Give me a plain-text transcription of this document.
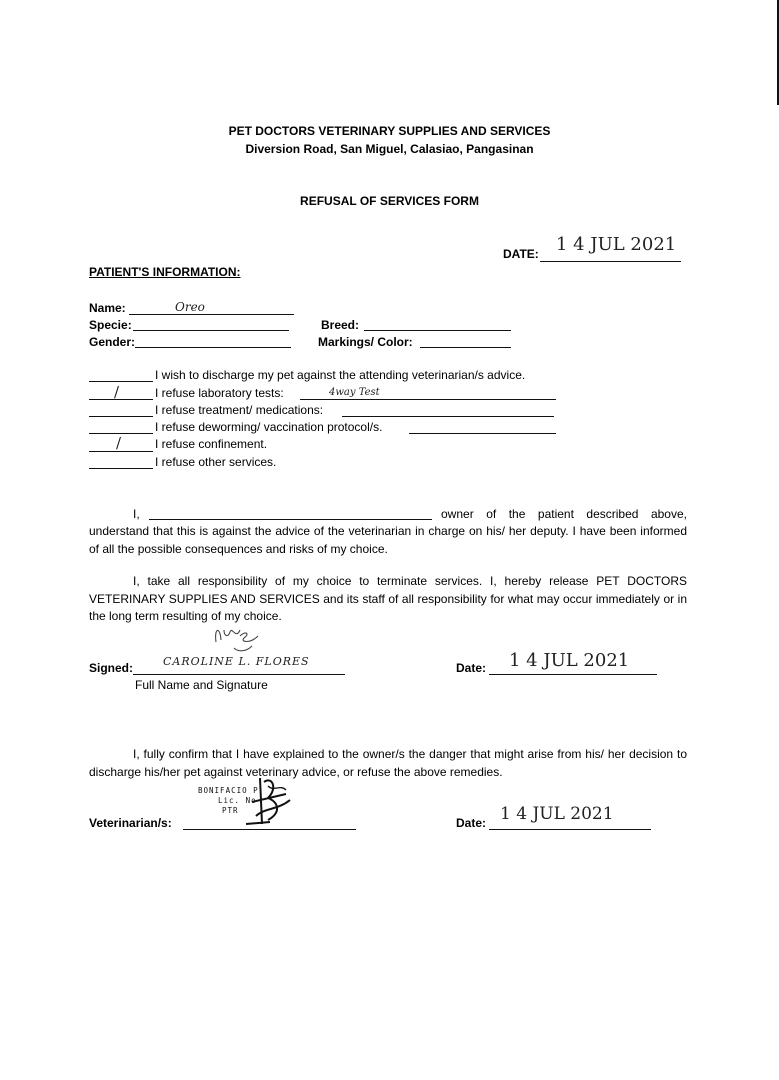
PET DOCTORS VETERINARY SUPPLIES AND SERVICES
Diversion Road, San Miguel, Calasiao, Pangasinan
REFUSAL OF SERVICES FORM
DATE: 1 4 JUL 2021
PATIENT'S INFORMATION:
Name:	Oreo
Specie:
Gender:
Breed:
Markings/ Color:
I wish to discharge my pet against the attending veterinarian/s advice.
/	I refuse laboratory tests:	4way Test
I refuse treatment/ medications:
I refuse deworming/ vaccination protocol/s.
/	I refuse confinement.
I refuse other services.
I,	owner of the patient described above,
understand that this is against the advice of the veterinarian in charge on his/ her deputy. I have been informed of all the possible consequences and risks of my choice.
I, take all responsibility of my choice to terminate services. I, hereby release PET DOCTORS VETERINARY SUPPLIES AND SERVICES and its staff of all responsibility for what may occur immediately or in the long term resulting of my choice.
Signed:	CAROLINE L. FLORES
Full Name and Signature
Date: 1 4 JUL 2021
I, fully confirm that I have explained to the owner/s the danger that might arise from his/ her decision to discharge his/her pet against veterinary advice, or refuse the above remedies.
BONIFACIO P.
Lic. No
PTR
Veterinarian/s:	Date: 1 4 JUL 2021
